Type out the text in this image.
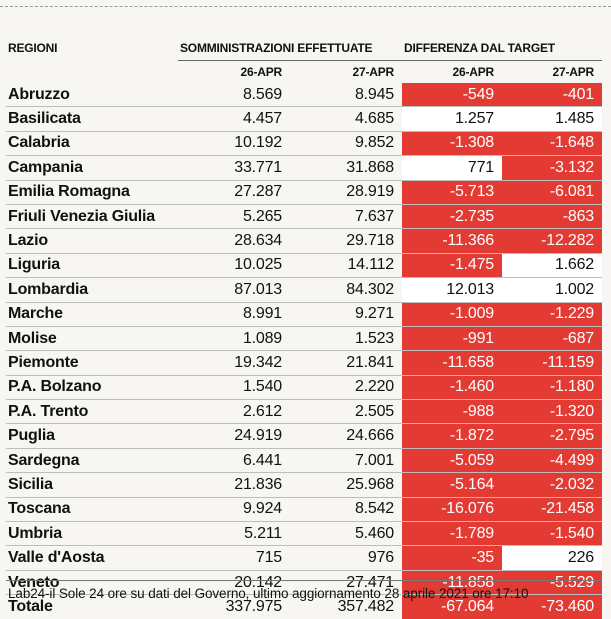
REGIONI	SOMMINISTRAZIONI EFFETTUATE		DIFFERENZA DAL TARGET	
	26-APR	27-APR	26-APR	27-APR
Abruzzo	8.569	8.945	-549	-401
Basilicata	4.457	4.685	1.257	1.485
Calabria	10.192	9.852	-1.308	-1.648
Campania	33.771	31.868	771	-3.132
Emilia Romagna	27.287	28.919	-5.713	-6.081
Friuli Venezia Giulia	5.265	7.637	-2.735	-863
Lazio	28.634	29.718	-11.366	-12.282
Liguria	10.025	14.112	-1.475	1.662
Lombardia	87.013	84.302	12.013	1.002
Marche	8.991	9.271	-1.009	-1.229
Molise	1.089	1.523	-991	-687
Piemonte	19.342	21.841	-11.658	-11.159
P.A. Bolzano	1.540	2.220	-1.460	-1.180
P.A. Trento	2.612	2.505	-988	-1.320
Puglia	24.919	24.666	-1.872	-2.795
Sardegna	6.441	7.001	-5.059	-4.499
Sicilia	21.836	25.968	-5.164	-2.032
Toscana	9.924	8.542	-16.076	-21.458
Umbria	5.211	5.460	-1.789	-1.540
Valle d'Aosta	715	976	-35	226
Veneto	20.142	27.471	-11.858	-5.529
Totale	337.975	357.482	-67.064	-73.460
Lab24-il Sole 24 ore su dati del Governo, ultimo aggiornamento 28 aprile 2021 ore 17:10
